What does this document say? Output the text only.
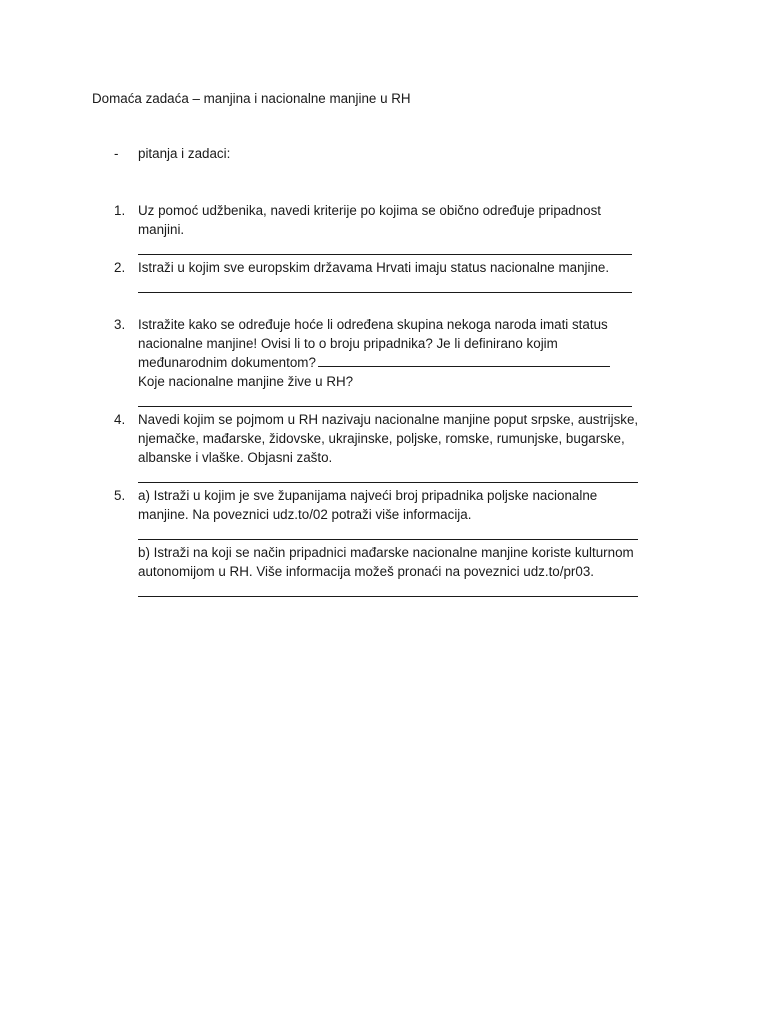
Domaća zadaća – manjina i nacionalne manjine u RH
- pitanja i zadaci:
1. Uz pomoć udžbenika, navedi kriterije po kojima se obično određuje pripadnost
manjini.
2. Istraži u kojim sve europskim državama Hrvati imaju status nacionalne manjine.
3. Istražite kako se određuje hoće li određena skupina nekoga naroda imati status
nacionalne manjine! Ovisi li to o broju pripadnika? Je li definirano kojim
međunarodnim dokumentom?
Koje nacionalne manjine žive u RH?
4. Navedi kojim se pojmom u RH nazivaju nacionalne manjine poput srpske, austrijske,
njemačke, mađarske, židovske, ukrajinske, poljske, romske, rumunjske, bugarske,
albanske i vlaške. Objasni zašto.
5. a) Istraži u kojim je sve županijama najveći broj pripadnika poljske nacionalne
manjine. Na poveznici udz.to/02 potraži više informacija.
b) Istraži na koji se način pripadnici mađarske nacionalne manjine koriste kulturnom
autonomijom u RH. Više informacija možeš pronaći na poveznici udz.to/pr03.
